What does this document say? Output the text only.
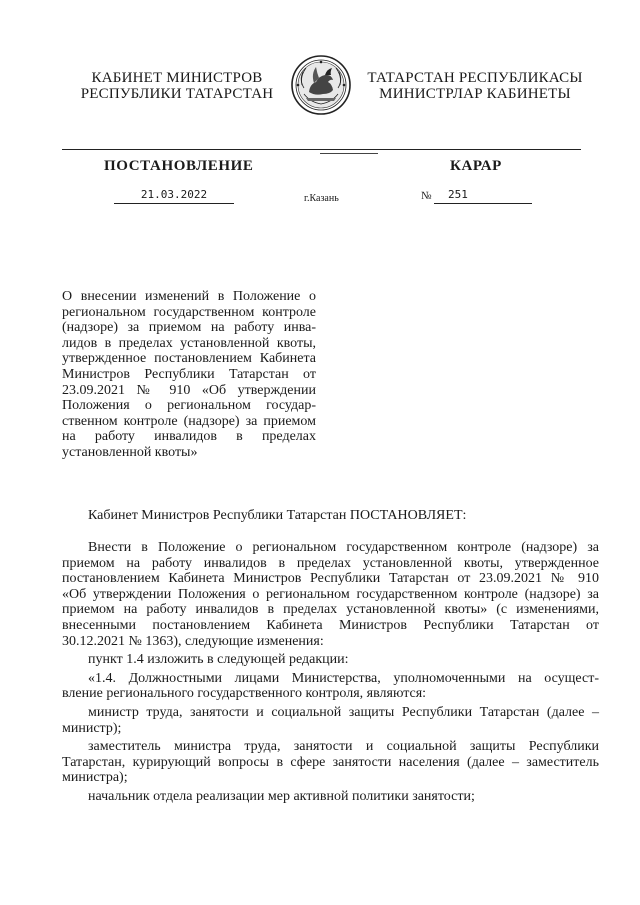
КАБИНЕТ МИНИСТРОВ
РЕСПУБЛИКИ ТАТАРСТАН
ТАТАРСТАН РЕСПУБЛИКАСЫ
МИНИСТРЛАР КАБИНЕТЫ
ПОСТАНОВЛЕНИЕ	КАРАР
21.03.2022	г.Казань	№ 251
О внесении изменений в Положение о
региональном государственном контроле
(надзоре) за приемом на работу инва-
лидов в пределах установленной квоты,
утвержденное постановлением Кабинета
Министров Республики Татарстан от
23.09.2021 № 910 «Об утверждении
Положения о региональном государ-
ственном контроле (надзоре) за приемом
на работу инвалидов в пределах
установленной квоты»
Кабинет Министров Республики Татарстан ПОСТАНОВЛЯЕТ:
Внести в Положение о региональном государственном контроле (надзоре) за
приемом на работу инвалидов в пределах установленной квоты, утвержденное
постановлением Кабинета Министров Республики Татарстан от 23.09.2021 № 910
«Об утверждении Положения о региональном государственном контроле (надзоре) за
приемом на работу инвалидов в пределах установленной квоты» (с изменениями,
внесенными постановлением Кабинета Министров Республики Татарстан от
30.12.2021 № 1363), следующие изменения:
пункт 1.4 изложить в следующей редакции:
«1.4. Должностными лицами Министерства, уполномоченными на осущест-
вление регионального государственного контроля, являются:
министр труда, занятости и социальной защиты Республики Татарстан (далее –
министр);
заместитель министра труда, занятости и социальной защиты Республики
Татарстан, курирующий вопросы в сфере занятости населения (далее – заместитель
министра);
начальник отдела реализации мер активной политики занятости;
